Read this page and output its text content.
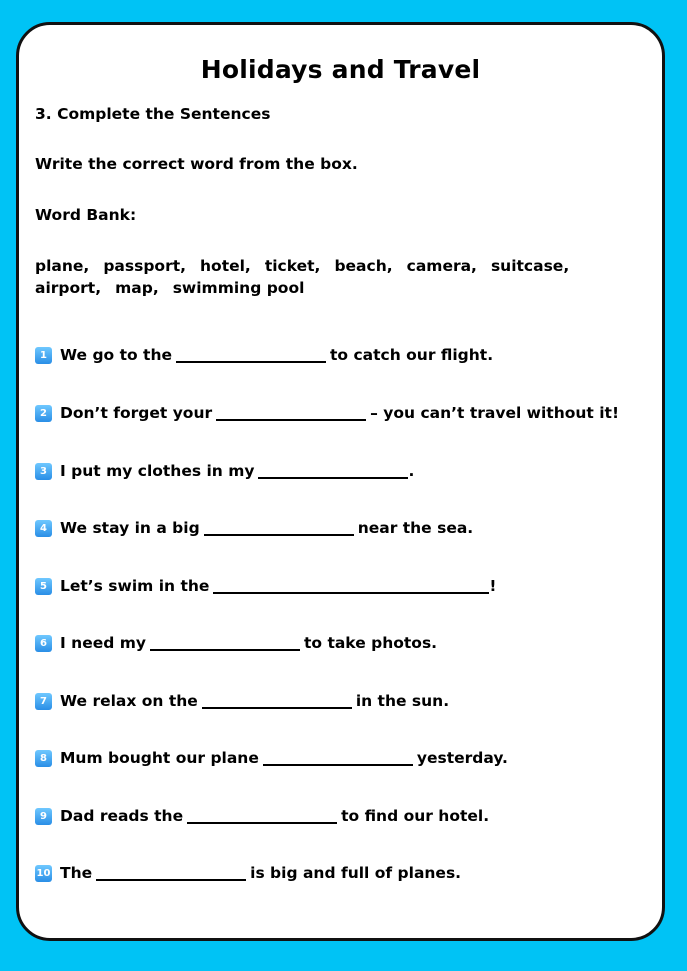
Holidays and Travel

3. Complete the Sentences

Write the correct word from the box.

Word Bank:

plane, passport, hotel, ticket, beach, camera, suitcase,
airport, map, swimming pool
1 We go to the	to catch our flight.
2 Don’t forget your	– you can’t travel without it!
3 I put my clothes in my	.
4 We stay in a big	near the sea.
5 Let’s swim in the	!
6 I need my	to take photos.
7 We relax on the	in the sun.
8 Mum bought our plane	yesterday.
9 Dad reads the	to find our hotel.
10 The	is big and full of planes.
